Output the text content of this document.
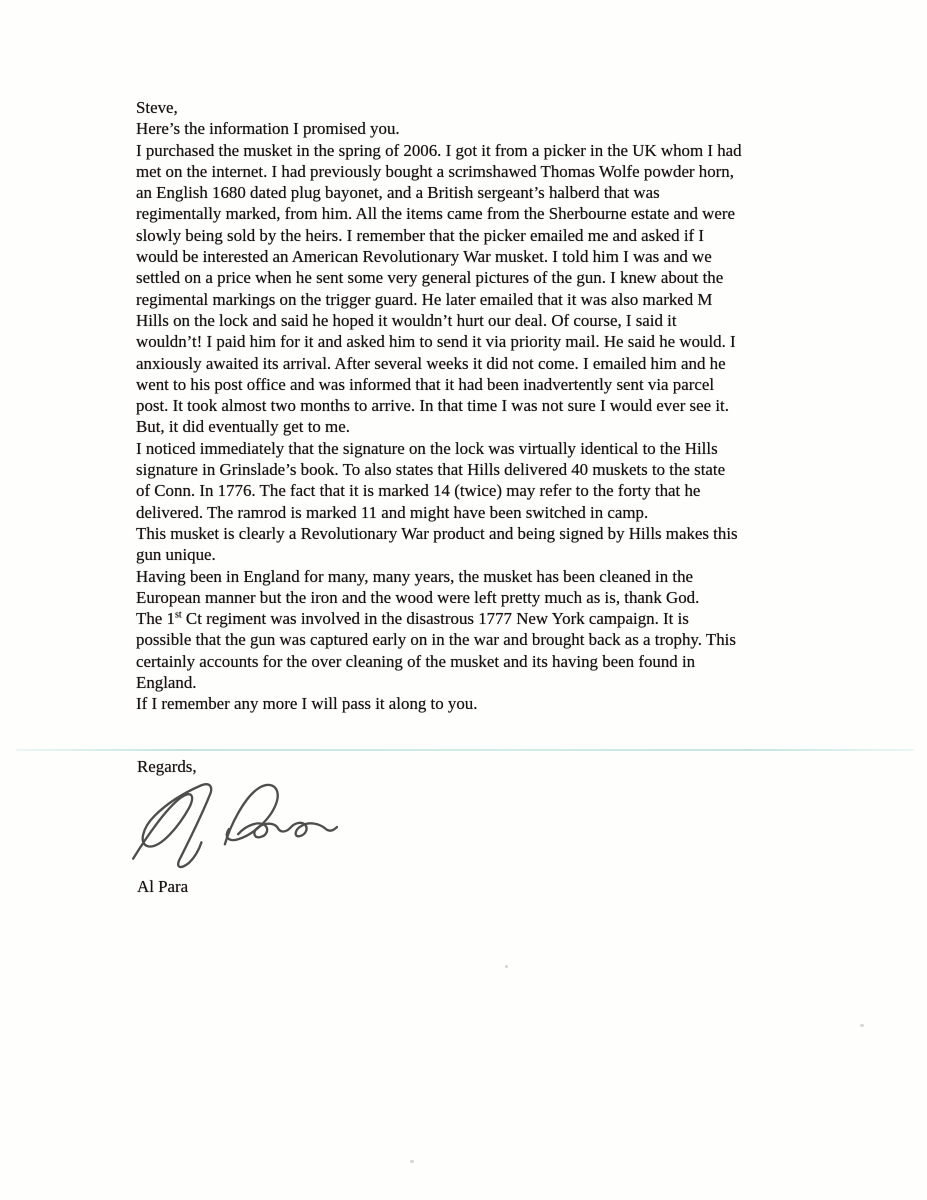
Steve,
Here’s the information I promised you.
I purchased the musket in the spring of 2006. I got it from a picker in the UK whom I had
met on the internet. I had previously bought a scrimshawed Thomas Wolfe powder horn,
an English 1680 dated plug bayonet, and a British sergeant’s halberd that was
regimentally marked, from him. All the items came from the Sherbourne estate and were
slowly being sold by the heirs. I remember that the picker emailed me and asked if I
would be interested an American Revolutionary War musket. I told him I was and we
settled on a price when he sent some very general pictures of the gun. I knew about the
regimental markings on the trigger guard. He later emailed that it was also marked M
Hills on the lock and said he hoped it wouldn’t hurt our deal. Of course, I said it
wouldn’t! I paid him for it and asked him to send it via priority mail. He said he would. I
anxiously awaited its arrival. After several weeks it did not come. I emailed him and he
went to his post office and was informed that it had been inadvertently sent via parcel
post. It took almost two months to arrive. In that time I was not sure I would ever see it.
But, it did eventually get to me.
I noticed immediately that the signature on the lock was virtually identical to the Hills
signature in Grinslade’s book. To also states that Hills delivered 40 muskets to the state
of Conn. In 1776. The fact that it is marked 14 (twice) may refer to the forty that he
delivered. The ramrod is marked 11 and might have been switched in camp.
This musket is clearly a Revolutionary War product and being signed by Hills makes this
gun unique.
Having been in England for many, many years, the musket has been cleaned in the
European manner but the iron and the wood were left pretty much as is, thank God.
The 1st Ct regiment was involved in the disastrous 1777 New York campaign. It is
possible that the gun was captured early on in the war and brought back as a trophy. This
certainly accounts for the over cleaning of the musket and its having been found in
England.
If I remember any more I will pass it along to you.
Regards,
Al Para
